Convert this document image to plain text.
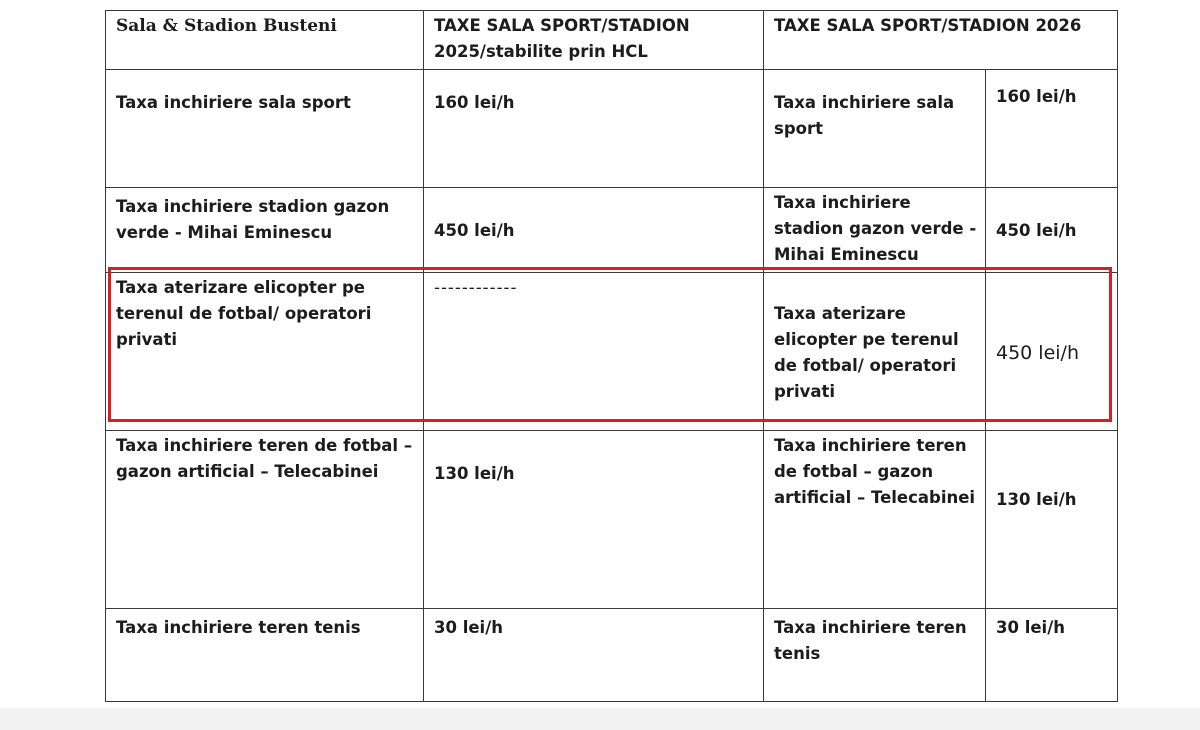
Sala & Stadion Busteni	TAXE SALA SPORT/STADION 2025/stabilite prin HCL	TAXE SALA SPORT/STADION 2026	

Taxa inchiriere sala sport	160 lei/h	Taxa inchiriere sala sport	160 lei/h

Taxa inchiriere stadion gazon verde - Mihai Eminescu	450 lei/h	Taxa inchiriere stadion gazon verde - Mihai Eminescu	450 lei/h

Taxa aterizare elicopter pe terenul de fotbal/ operatori privati	------------	Taxa aterizare elicopter pe terenul de fotbal/ operatori privati	450 lei/h

Taxa inchiriere teren de fotbal – gazon artificial – Telecabinei	130 lei/h	Taxa inchiriere teren de fotbal – gazon artificial – Telecabinei	130 lei/h

Taxa inchiriere teren tenis	30 lei/h	Taxa inchiriere teren tenis	30 lei/h
